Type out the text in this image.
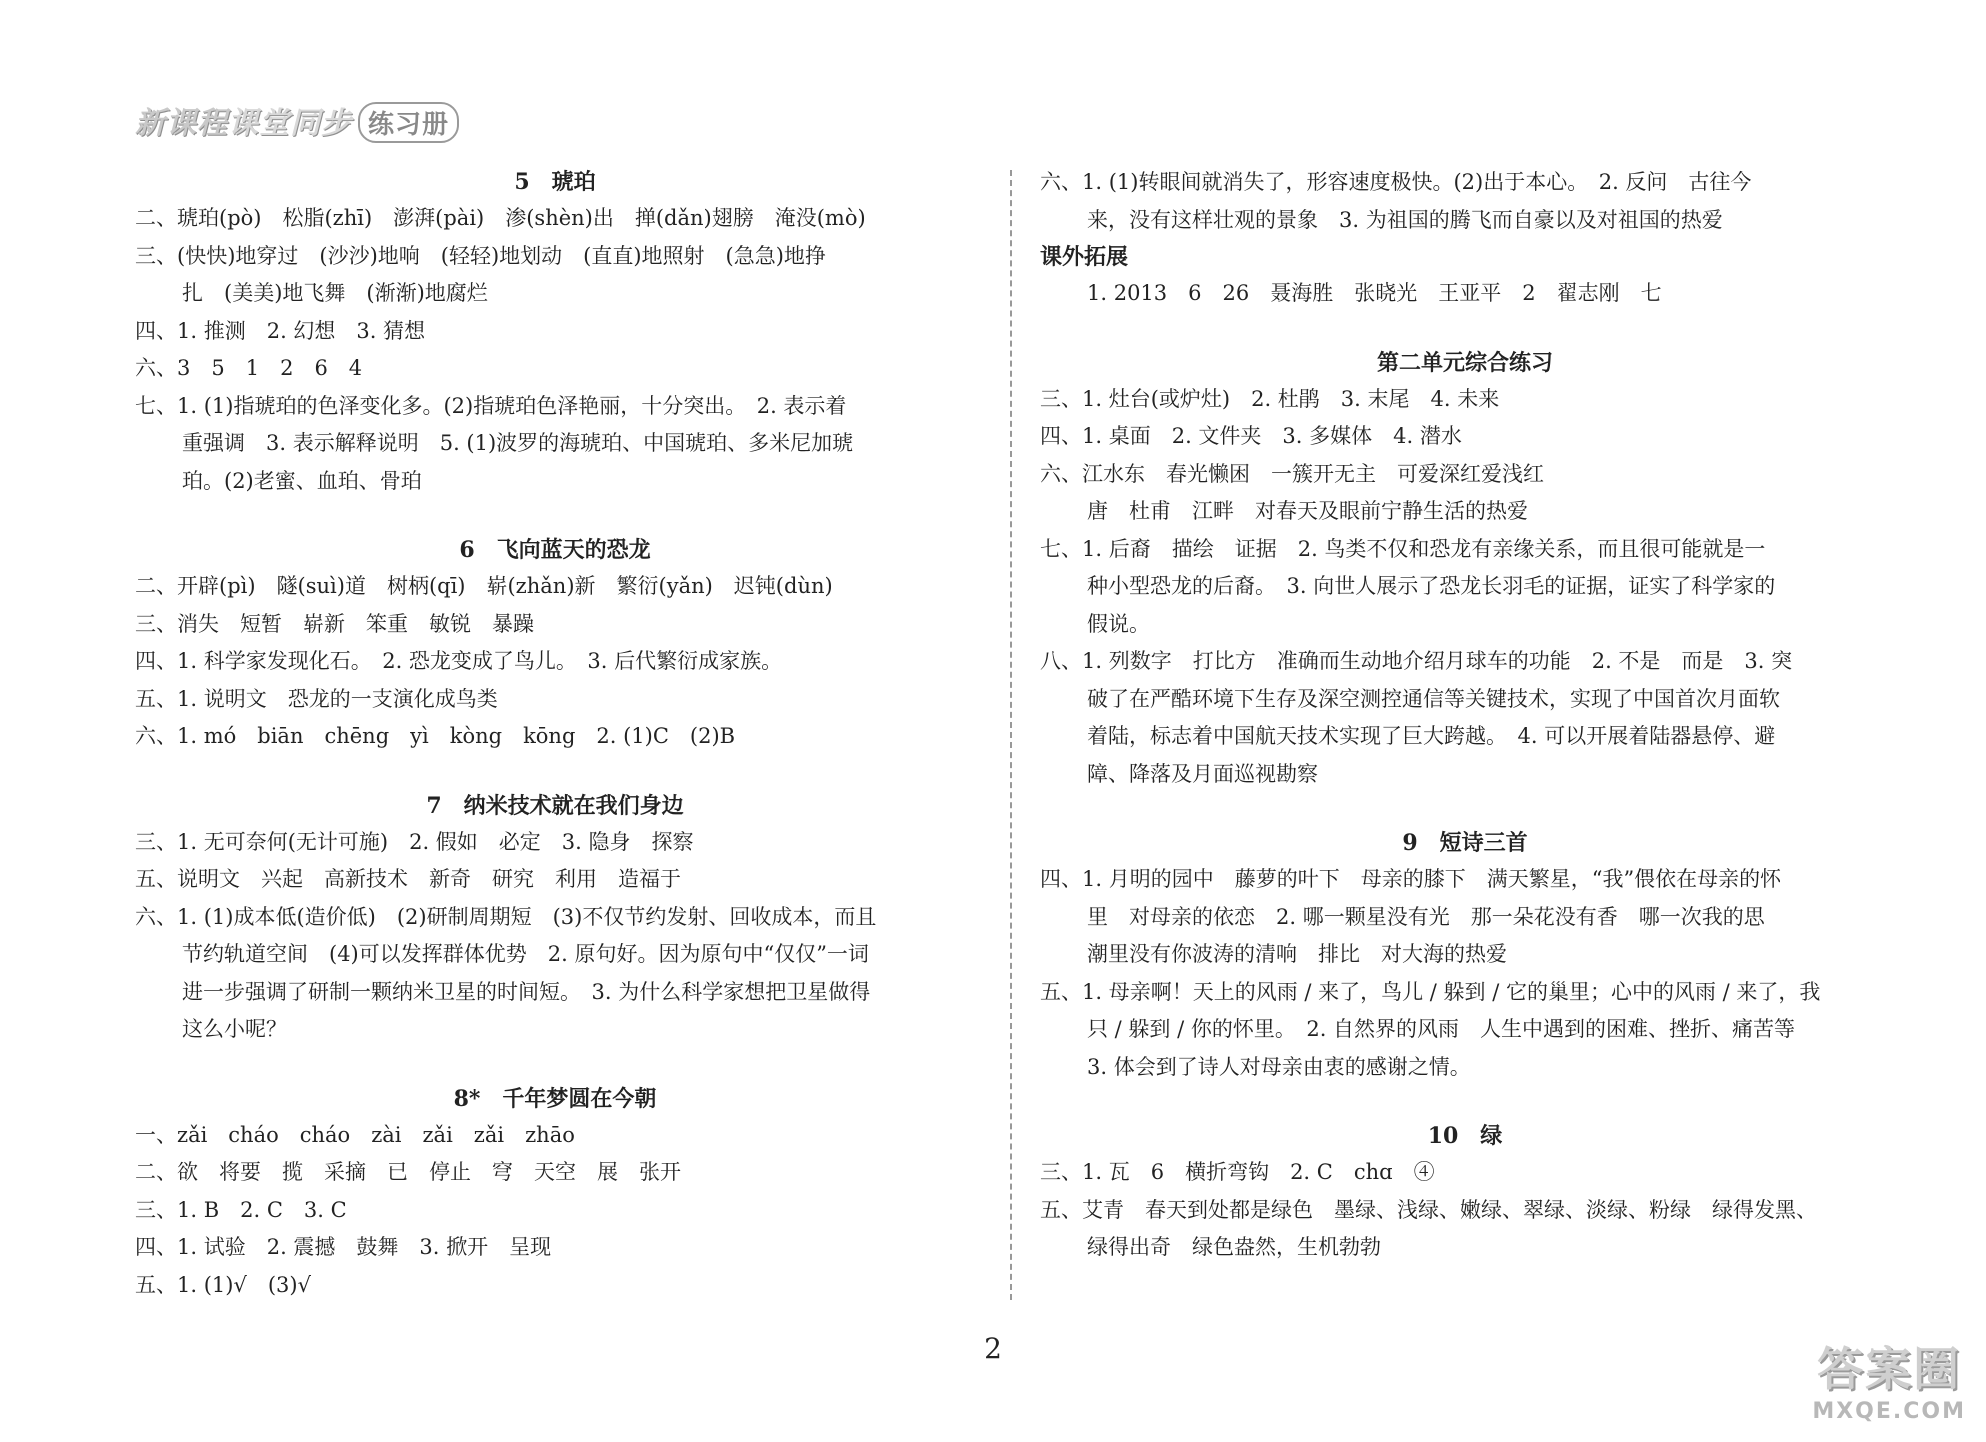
新课程课堂同步 练习册
5　琥珀
二、琥珀(pò)　松脂(zhī)　澎湃(pài)　渗(shèn)出　掸(dǎn)翅膀　淹没(mò)
三、(快快)地穿过　(沙沙)地响　(轻轻)地划动　(直直)地照射　(急急)地挣
扎　(美美)地飞舞　(渐渐)地腐烂
四、1. 推测　2. 幻想　3. 猜想
六、3　5　1　2　6　4
七、1. (1)指琥珀的色泽变化多。(2)指琥珀色泽艳丽，十分突出。　2. 表示着
重强调　3. 表示解释说明　5. (1)波罗的海琥珀、中国琥珀、多米尼加琥
珀。(2)老蜜、血珀、骨珀
6　飞向蓝天的恐龙
二、开辟(pì)　隧(suì)道　树柄(qī)　崭(zhǎn)新　繁衍(yǎn)　迟钝(dùn)
三、消失　短暂　崭新　笨重　敏锐　暴躁
四、1. 科学家发现化石。　2. 恐龙变成了鸟儿。　3. 后代繁衍成家族。
五、1. 说明文　恐龙的一支演化成鸟类
六、1. mó　biān　chēng　yì　kòng　kōng　2. (1)C　(2)B
7　纳米技术就在我们身边
三、1. 无可奈何(无计可施)　2. 假如　必定　3. 隐身　探察
五、说明文　兴起　高新技术　新奇　研究　利用　造福于
六、1. (1)成本低(造价低)　(2)研制周期短　(3)不仅节约发射、回收成本，而且
节约轨道空间　(4)可以发挥群体优势　2. 原句好。因为原句中“仅仅”一词
进一步强调了研制一颗纳米卫星的时间短。　3. 为什么科学家想把卫星做得
这么小呢？
8*　千年梦圆在今朝
一、zǎi　cháo　cháo　zài　zǎi　zǎi　zhāo
二、欲　将要　揽　采摘　已　停止　穹　天空　展　张开
三、1. B　2. C　3. C
四、1. 试验　2. 震撼　鼓舞　3. 掀开　呈现
五、1. (1)√　(3)√
六、1. (1)转眼间就消失了，形容速度极快。(2)出于本心。　2. 反问　古往今
来，没有这样壮观的景象　3. 为祖国的腾飞而自豪以及对祖国的热爱
课外拓展
1. 2013　6　26　聂海胜　张晓光　王亚平　2　翟志刚　七
第二单元综合练习
三、1. 灶台(或炉灶)　2. 杜鹃　3. 末尾　4. 未来
四、1. 桌面　2. 文件夹　3. 多媒体　4. 潜水
六、江水东　春光懒困　一簇开无主　可爱深红爱浅红
唐　杜甫　江畔　对春天及眼前宁静生活的热爱
七、1. 后裔　描绘　证据　2. 鸟类不仅和恐龙有亲缘关系，而且很可能就是一
种小型恐龙的后裔。　3. 向世人展示了恐龙长羽毛的证据，证实了科学家的
假说。
八、1. 列数字　打比方　准确而生动地介绍月球车的功能　2. 不是　而是　3. 突
破了在严酷环境下生存及深空测控通信等关键技术，实现了中国首次月面软
着陆，标志着中国航天技术实现了巨大跨越。　4. 可以开展着陆器悬停、避
障、降落及月面巡视勘察
9　短诗三首
四、1. 月明的园中　藤萝的叶下　母亲的膝下　满天繁星，“我”偎依在母亲的怀
里　对母亲的依恋　2. 哪一颗星没有光　那一朵花没有香　哪一次我的思
潮里没有你波涛的清响　排比　对大海的热爱
五、1. 母亲啊！天上的风雨 / 来了，鸟儿 / 躲到 / 它的巢里；心中的风雨 / 来了，我
只 / 躲到 / 你的怀里。　2. 自然界的风雨　人生中遇到的困难、挫折、痛苦等
3. 体会到了诗人对母亲由衷的感谢之情。
10　绿
三、1. 瓦　6　横折弯钩　2. C　chɑ　④
五、艾青　春天到处都是绿色　墨绿、浅绿、嫩绿、翠绿、淡绿、粉绿　绿得发黑、
绿得出奇　绿色盎然，生机勃勃
2	答案圈
MXQE.COM
